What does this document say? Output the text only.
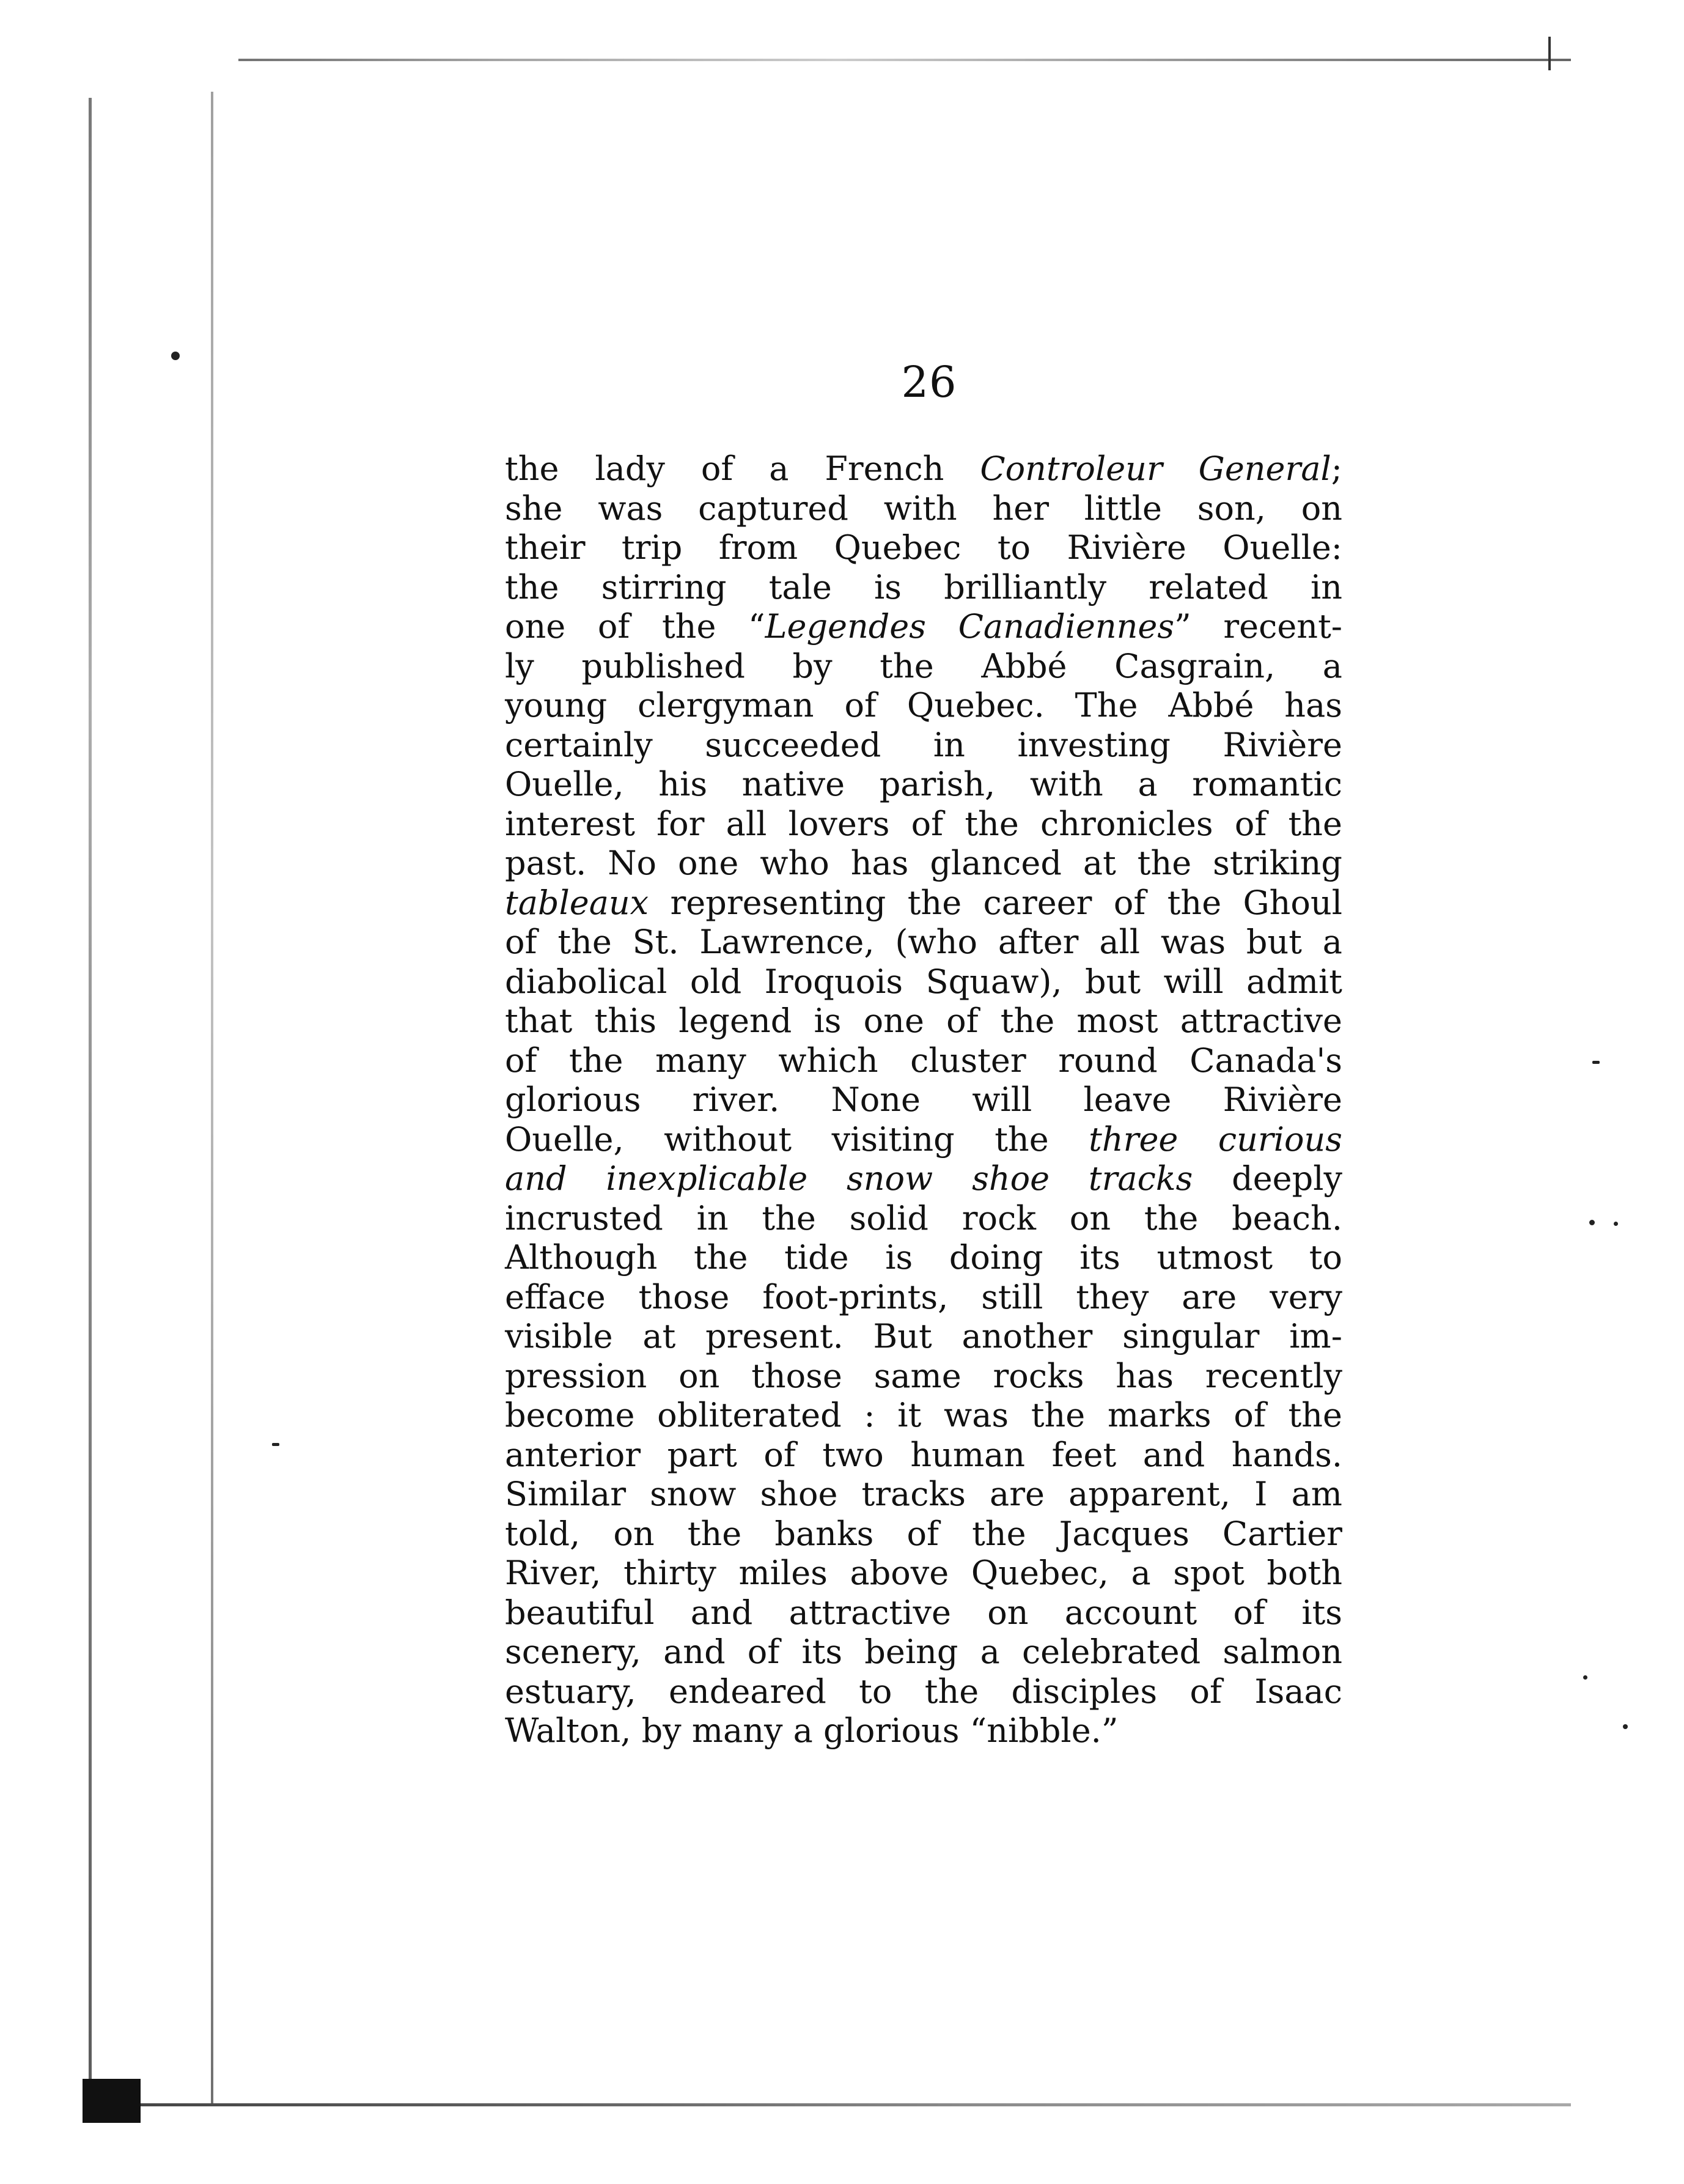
26
the lady of a French Controleur General;
she was captured with her little son, on
their trip from Quebec to Rivière Ouelle:
the stirring tale is brilliantly related in
one of the “Legendes Canadiennes” recent-
ly published by the Abbé Casgrain, a
young clergyman of Quebec. The Abbé has
certainly succeeded in investing Rivière
Ouelle, his native parish, with a romantic
interest for all lovers of the chronicles of the
past. No one who has glanced at the striking
tableaux representing the career of the Ghoul
of the St. Lawrence, (who after all was but a
diabolical old Iroquois Squaw), but will admit
that this legend is one of the most attractive
of the many which cluster round Canada's
glorious river. None will leave Rivière
Ouelle, without visiting the three curious
and inexplicable snow shoe tracks deeply
incrusted in the solid rock on the beach.
Although the tide is doing its utmost to
efface those foot-prints, still they are very
visible at present. But another singular im-
pression on those same rocks has recently
become obliterated : it was the marks of the
anterior part of two human feet and hands.
Similar snow shoe tracks are apparent, I am
told, on the banks of the Jacques Cartier
River, thirty miles above Quebec, a spot both
beautiful and attractive on account of its
scenery, and of its being a celebrated salmon
estuary, endeared to the disciples of Isaac
Walton, by many a glorious “nibble.”
